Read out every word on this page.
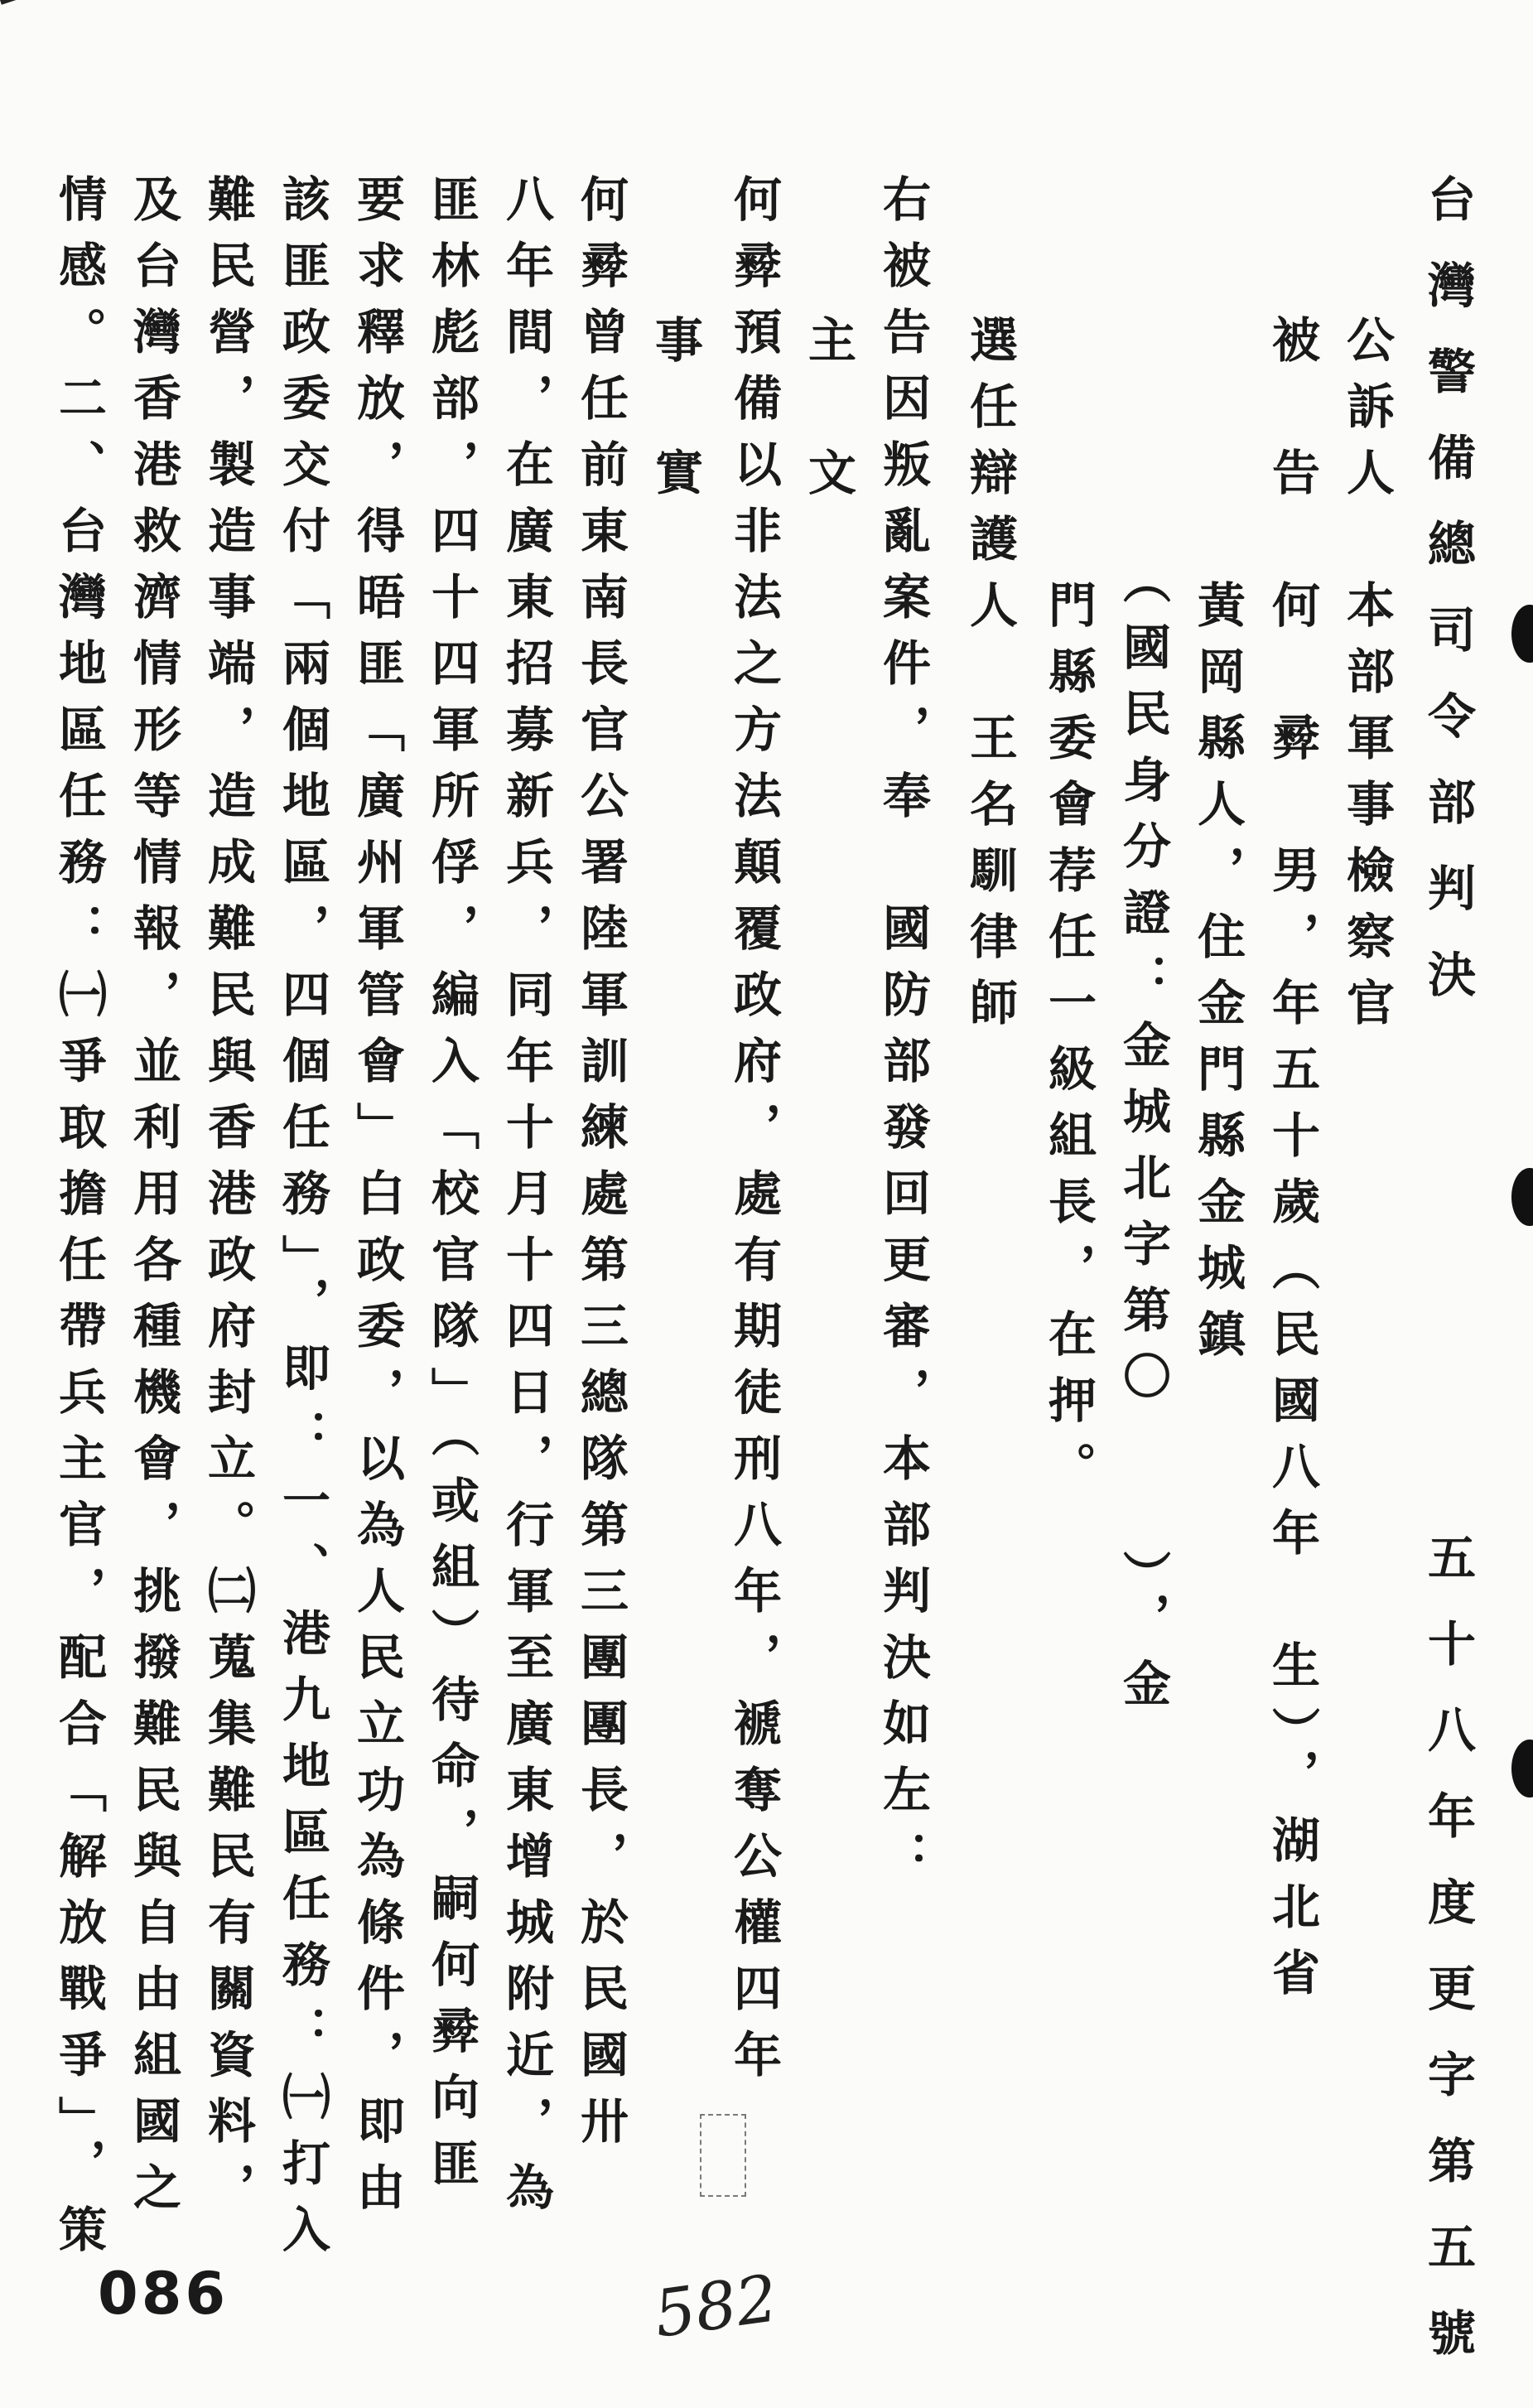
台灣警備總司令部判決
五十八年度更字第五號
公訴人　本部軍事檢察官
被　告　何　彛　男，年五十歲（民國八年　生），湖北省
　　　　黃岡縣人，住金門縣金城鎮
　　　　（國民身分證：金城北字第〇　　），金
　　　　門縣委會荐任一級組長，在押。
選任辯護人　王名馴律師
右被告因叛亂案件，奉　國防部發回更審，本部判決如左：
主　文
何彛預備以非法之方法顛覆政府，處有期徒刑八年，褫奪公權四年
事　實
何彛曾任前東南長官公署陸軍訓練處第三總隊第三團團長，於民國卅
八年間，在廣東招募新兵，同年十月十四日，行軍至廣東增城附近，為
匪林彪部，四十四軍所俘，編入「校官隊」（或組）待命，嗣何彛向匪
要求釋放，得晤匪「廣州軍管會」白政委，以為人民立功為條件，即由
該匪政委交付「兩個地區，四個任務」，即：一、港九地區任務：㈠打入
難民營，製造事端，造成難民與香港政府封立。㈡蒐集難民有關資料，
及台灣香港救濟情形等情報，並利用各種機會，挑撥難民與自由組國之
情感。二、台灣地區任務：㈠爭取擔任帶兵主官，配合「解放戰爭」，策
086	582
